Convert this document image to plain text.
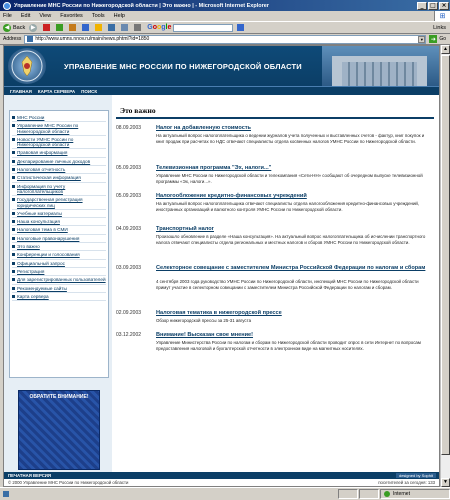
Управление МНС России по Нижегородской области | Это важно | - Microsoft Internet Explorer	_	□ ×
File Edit View Favorites Tools Help	⊞
◀ Back ▶	Google	Links
Address	http://www.umns.nnov.ru/main/news.phtml?id=1850	▼ ➜ Go
УПРАВЛЕНИЕ МНС РОССИИ ПО НИЖЕГОРОДСКОЙ ОБЛАСТИ
ГЛАВНАЯ КАРТА СЕРВЕРА ПОИСК
МНС России
Управление МНС России по Нижегородской области
Новости УМНС России по Нижегородской области
Правовая информация
Декларирование личных доходов
Налоговая отчетность
Статистическая информация
Информация по учету налогоплательщиков
Государственная регистрация юридических лиц
Учебные материалы
Наша консультация
Налоговая тема в СМИ
Налоговые правонарушения
Это важно
Конференции и голосования
Официальный запрос
Регистрация
Для зарегистрированных пользователей
Рекомендуемые сайты
Карта сервера
ОБРАТИТЕ ВНИМАНИЕ!
Это важно
08.09.2003	Налог на добавленную стоимость
На актуальный вопрос налогоплательщика о ведении журналов учета полученных и выставленных счетов - фактур, книг покупок и книг продаж при расчетах по НДС отвечают специалисты отдела косвенных налогов УМНС России по Нижегородской области.
05.09.2003	Телевизионная программа "Эх, налоги..."
Управление МНС России по Нижегородской области и телекомпания «Сети-НН» сообщают об очередном выпуске телевизионной программы «Эх, налоги...».
05.09.2003	Налогообложение кредитно-финансовых учреждений
На актуальный вопрос налогоплательщика отвечают специалисты отдела налогообложения кредитно-финансовых учреждений, иностранных организаций и валютного контроля УМНС России по Нижегородской области.
04.09.2003	Транспортный налог
Произошло обновление в разделе «Наша консультация». На актуальный вопрос налогоплательщика об исчислении транспортного налога отвечают специалисты отдела региональных и местных налогов и сборов УМНС России по Нижегородской области.
03.09.2003	Селекторное совещание с заместителем Министра Российской Федерации по налогам и сборам
4 сентября 2003 года руководство УМНС России по Нижегородской области, инспекций МНС России по Нижегородской области примут участие в селекторном совещании с заместителем Министра Российской Федерации по налогам и сборам.
02.09.2003	Налоговая тематика в нижегородской прессе
Обзор нижегородской прессы за 25-31 августа
03.12.2002	Внимание! Высказан свое мнение!
Управление Министерства России по налогам и сборам по Нижегородской области проводит опрос в сети Интернет по вопросам предоставления налоговой и бухгалтерской отчетности в электронном виде на магнитных носителях.
ПЕЧАТНАЯ ВЕРСИЯ	designed by Sophit
© 2000 Управление МНС России по Нижегородской области	посетителей за сегодня: 133
▲
▼
Internet
